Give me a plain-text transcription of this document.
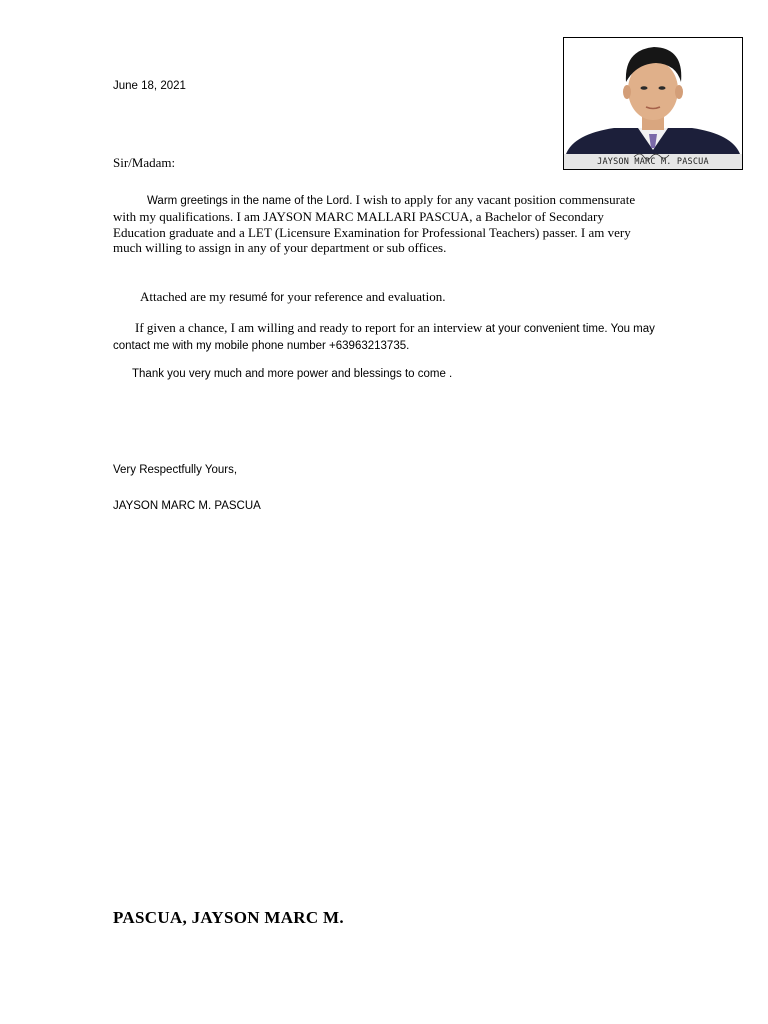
June 18, 2021
Sir/Madam:
Warm greetings in the name of the Lord. I wish to apply for any vacant position commensurate with my qualifications. I am JAYSON MARC MALLARI PASCUA, a Bachelor of Secondary Education graduate and a LET (Licensure Examination for Professional Teachers) passer. I am very much willing to assign in any of your department or sub offices.
Attached are my resumé for your reference and evaluation.
If given a chance, I am willing and ready to report for an interview at your convenient time. You may contact me with my mobile phone number +63963213735.
Thank you very much and more power and blessings to come .
Very Respectfully Yours,
JAYSON MARC M. PASCUA
JAYSON MARC M. PASCUA
PASCUA, JAYSON MARC M.
